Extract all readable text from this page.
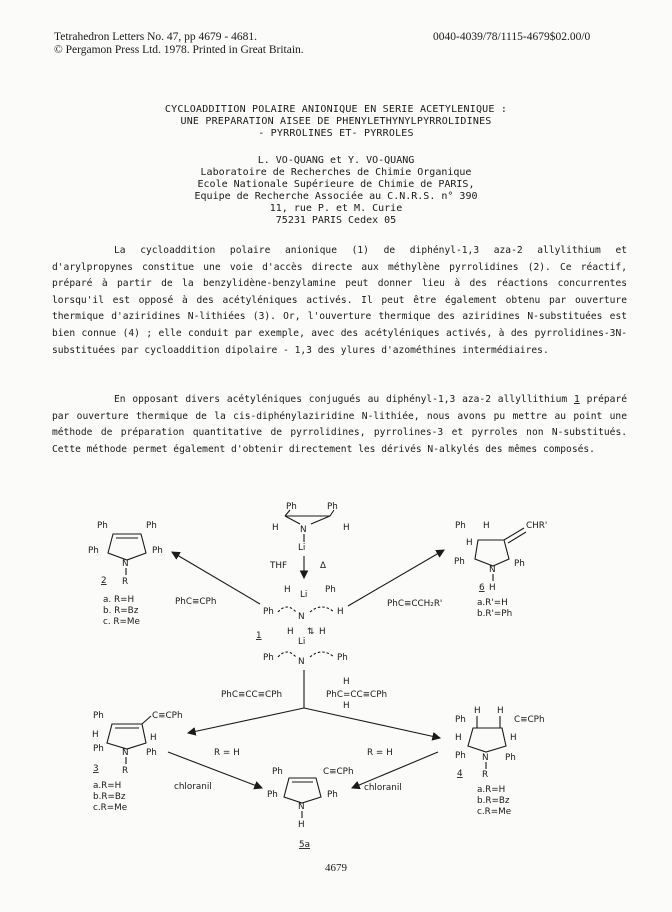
Tetrahedron Letters No. 47, pp 4679 - 4681.
© Pergamon Press Ltd. 1978. Printed in Great Britain.
0040-4039/78/1115-4679$02.00/0
CYCLOADDITION POLAIRE ANIONIQUE EN SERIE ACETYLENIQUE :
UNE PREPARATION AISEE DE PHENYLETHYNYLPYRROLIDINES
- PYRROLINES ET- PYRROLES
L. VO-QUANG et Y. VO-QUANG
Laboratoire de Recherches de Chimie Organique
Ecole Nationale Supérieure de Chimie de PARIS,
Equipe de Recherche Associée au C.N.R.S. n° 390
11, rue P. et M. Curie
75231 PARIS Cedex 05

La cycloaddition polaire anionique (1) de diphényl-1,3 aza-2 allylithium et d'arylpropynes constitue une voie d'accès directe aux méthylène pyrrolidines (2). Ce réactif, préparé à partir de la benzylidène-benzylamine peut donner lieu à des réactions concurrentes lorsqu'il est opposé à des acétyléniques activés. Il peut être également obtenu par ouverture thermique d'aziridines N-lithiées (3). Or, l'ouverture thermique des aziridines N-substituées est bien connue (4) ; elle conduit par exemple, avec des acétyléniques activés, à des pyrrolidines-3N-substituées par cycloaddition dipolaire - 1,3 des ylures d'azométhines intermédiaires.

En opposant divers acétyléniques conjugués au diphényl-1,3 aza-2 allyllithium 1 préparé par ouverture thermique de la cis-diphénylaziridine N-lithiée, nous avons pu mettre au point une méthode de préparation quantitative de pyrrolidines, pyrrolines-3 et pyrroles non N-substitués. Cette méthode permet également d'obtenir directement les dérivés N-alkylés des mêmes composés.

Ph	Ph
H	H
N
Li
THF	Δ
H Li Ph
Ph	N	H
1	H ⇅ H
Li
Ph	N	Ph
Ph	Ph
Ph	Ph
N
R
2
a. R=H
b. R=Bz
c. R=Me
PhC≡CPh
Ph H	CHR'
H
Ph	Ph
N
H
6
a.R'=H
b.R'=Ph
PhC≡CCH₂R'
PhC≡CC≡CPh
H
PhC=CC≡CPh
H
Ph	C≡CPh
H	H
Ph	Ph
N
R
3
a.R=H
b.R=Bz
c.R=Me
H H
Ph	C≡CPh
H	H
Ph	Ph
N
R
4
a.R=H
b.R=Bz
c.R=Me
R = H	R = H
chloranil	chloranil
Ph	C≡CPh
Ph	Ph
N
H
5a
4679
